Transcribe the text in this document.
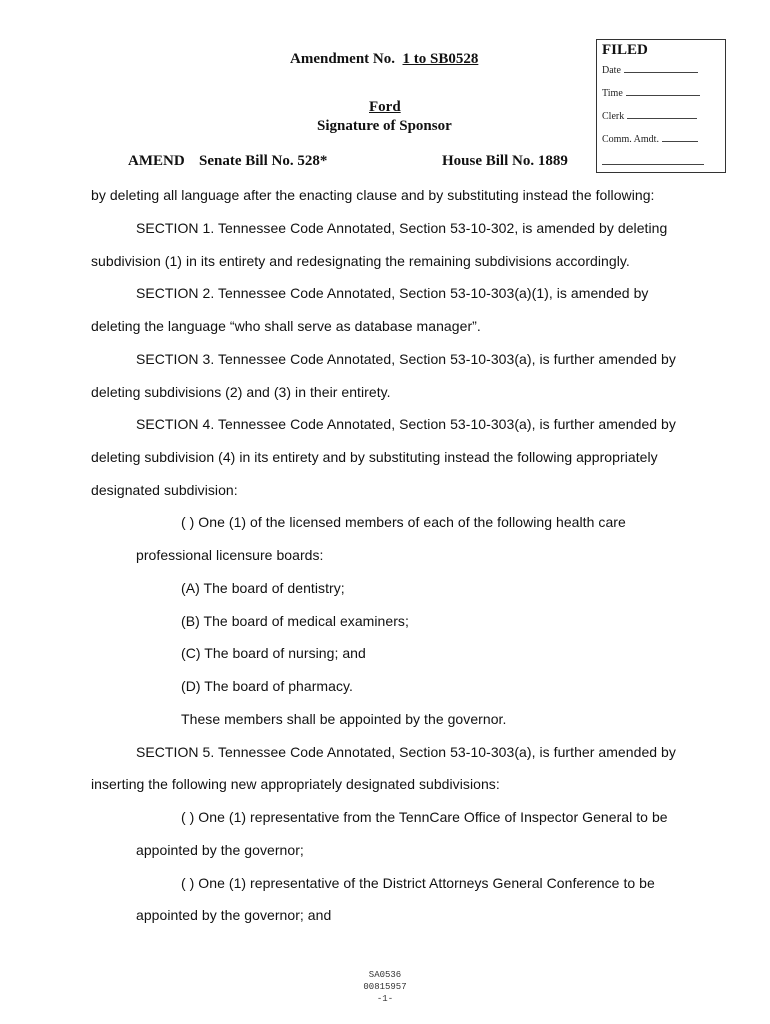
FILED
Date
Time
Clerk
Comm. Amdt.
Amendment No. 1 to SB0528
Ford
Signature of Sponsor
AMEND Senate Bill No. 528*	House Bill No. 1889
by deleting all language after the enacting clause and by substituting instead the following:
SECTION 1. Tennessee Code Annotated, Section 53-10-302, is amended by deleting
subdivision (1) in its entirety and redesignating the remaining subdivisions accordingly.
SECTION 2. Tennessee Code Annotated, Section 53-10-303(a)(1), is amended by
deleting the language “who shall serve as database manager”.
SECTION 3. Tennessee Code Annotated, Section 53-10-303(a), is further amended by
deleting subdivisions (2) and (3) in their entirety.
SECTION 4. Tennessee Code Annotated, Section 53-10-303(a), is further amended by
deleting subdivision (4) in its entirety and by substituting instead the following appropriately
designated subdivision:
( ) One (1) of the licensed members of each of the following health care
professional licensure boards:
(A) The board of dentistry;
(B) The board of medical examiners;
(C) The board of nursing; and
(D) The board of pharmacy.
These members shall be appointed by the governor.
SECTION 5. Tennessee Code Annotated, Section 53-10-303(a), is further amended by
inserting the following new appropriately designated subdivisions:
( ) One (1) representative from the TennCare Office of Inspector General to be
appointed by the governor;
( ) One (1) representative of the District Attorneys General Conference to be
appointed by the governor; and
SA0536
00815957
-1-
